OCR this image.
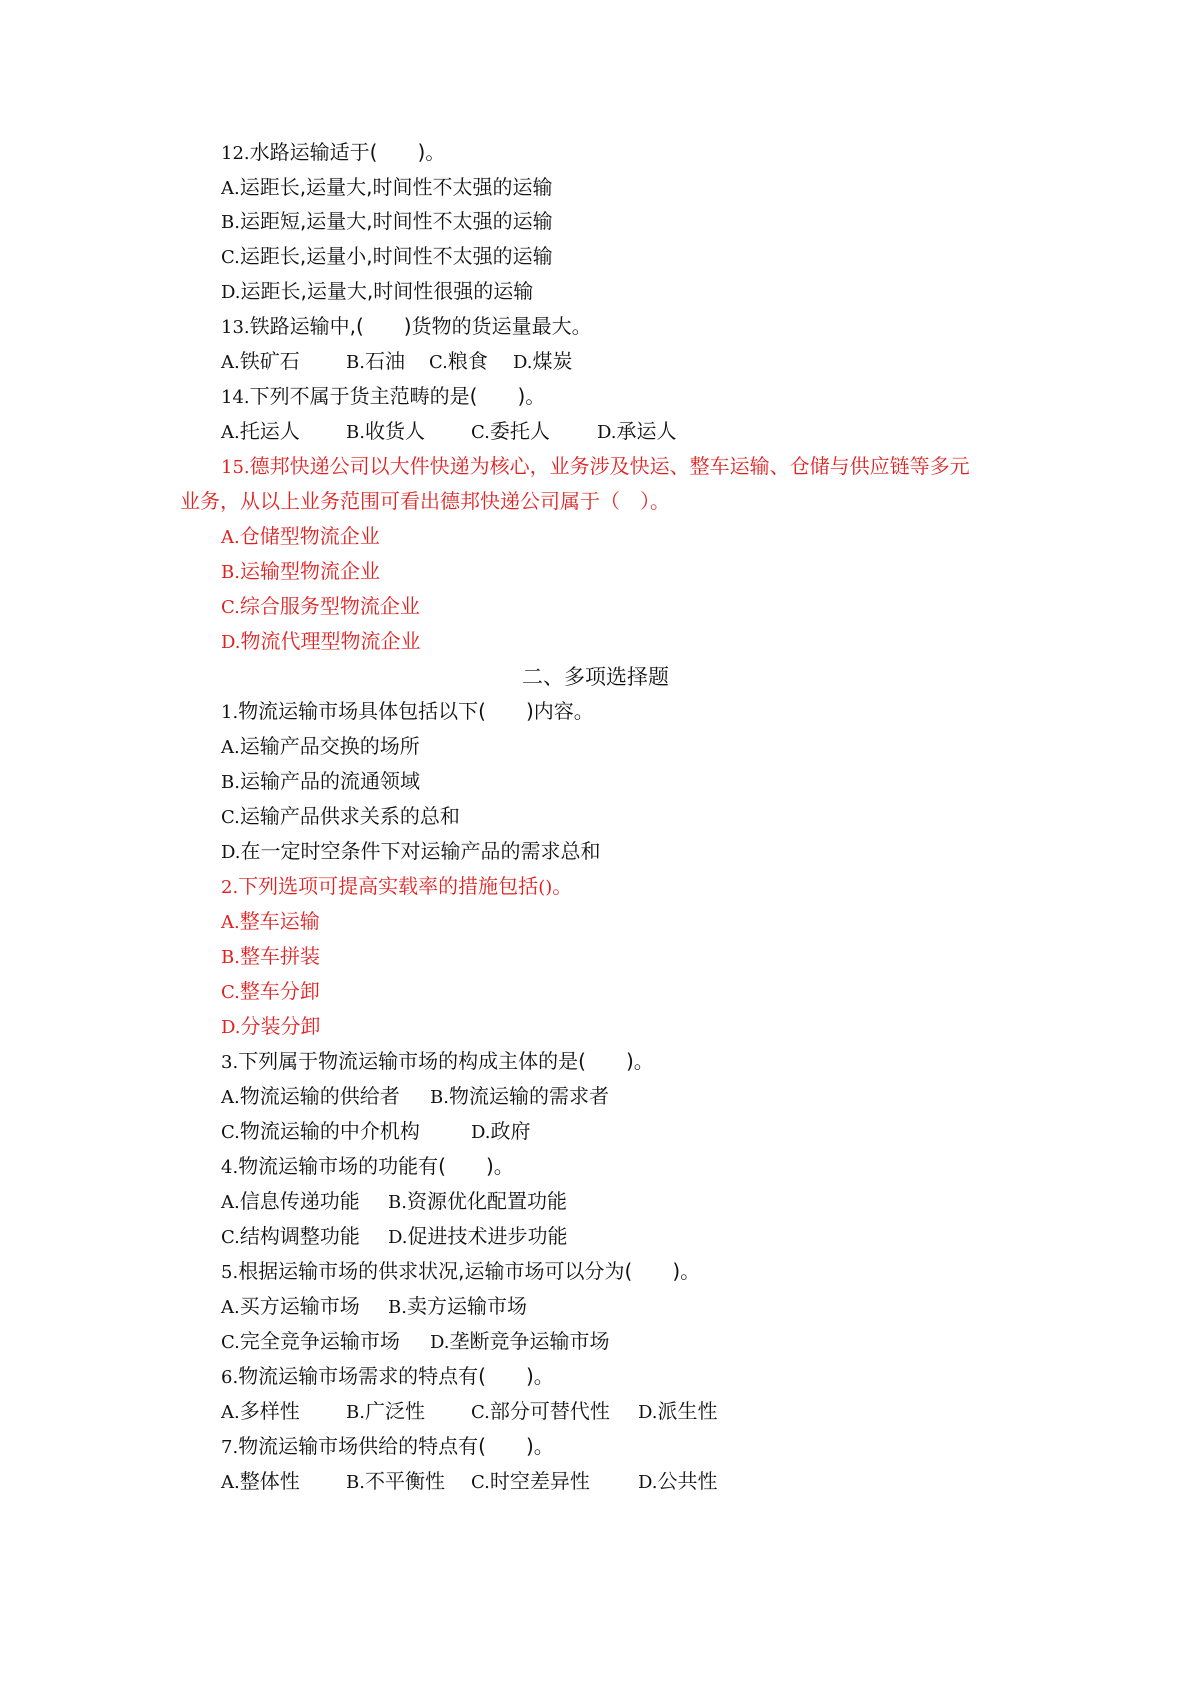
12.水路运输适于(　　)。
A.运距长,运量大,时间性不太强的运输
B.运距短,运量大,时间性不太强的运输
C.运距长,运量小,时间性不太强的运输
D.运距长,运量大,时间性很强的运输
13.铁路运输中,(　　)货物的货运量最大。
A.铁矿石	B.石油 C.粮食 D.煤炭
14.下列不属于货主范畴的是(　　)。
A.托运人	B.收货人	C.委托人	D.承运人
15.德邦快递公司以大件快递为核心，业务涉及快运、整车运输、仓储与供应链等多元
业务，从以上业务范围可看出德邦快递公司属于（　）。
A.仓储型物流企业
B.运输型物流企业
C.综合服务型物流企业
D.物流代理型物流企业
二、多项选择题
1.物流运输市场具体包括以下(　　)内容。
A.运输产品交换的场所
B.运输产品的流通领域
C.运输产品供求关系的总和
D.在一定时空条件下对运输产品的需求总和
2.下列选项可提高实载率的措施包括()。
A.整车运输
B.整车拼装
C.整车分卸
D.分装分卸
3.下列属于物流运输市场的构成主体的是(　　)。
A.物流运输的供给者 B.物流运输的需求者
C.物流运输的中介机构	D.政府
4.物流运输市场的功能有(　　)。
A.信息传递功能 B.资源优化配置功能
C.结构调整功能 D.促进技术进步功能
5.根据运输市场的供求状况,运输市场可以分为(　　)。
A.买方运输市场 B.卖方运输市场
C.完全竞争运输市场 D.垄断竞争运输市场
6.物流运输市场需求的特点有(　　)。
A.多样性	B.广泛性	C.部分可替代性 D.派生性
7.物流运输市场供给的特点有(　　)。
A.整体性	B.不平衡性 C.时空差异性	D.公共性
